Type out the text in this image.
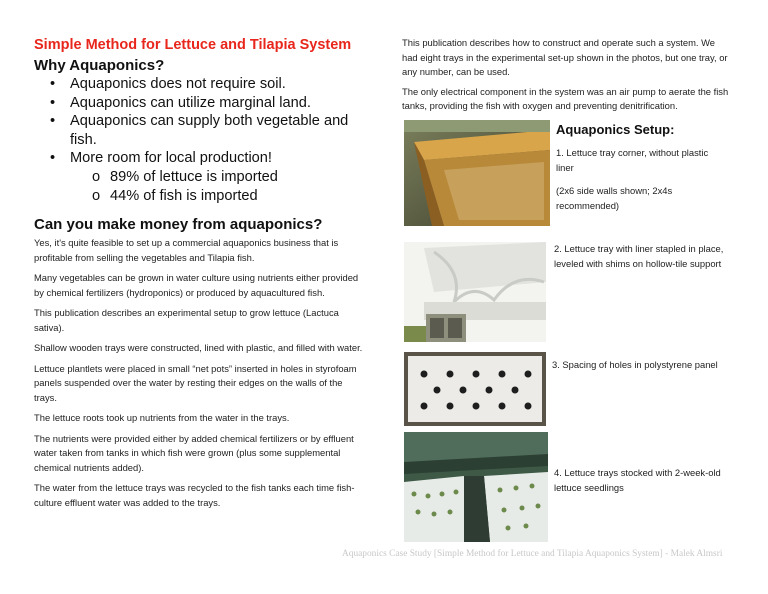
Simple Method for Lettuce and Tilapia System
Why Aquaponics?
• Aquaponics does not require soil.
• Aquaponics can utilize marginal land.
• Aquaponics can supply both vegetable and fish.
• More room for local production!
o 89% of lettuce is imported
o 44% of fish is imported
Can you make money from aquaponics?

Yes, it's quite feasible to set up a commercial aquaponics business that is profitable from selling the vegetables and Tilapia fish.

Many vegetables can be grown in water culture using nutrients either provided by chemical fertilizers (hydroponics) or produced by aquacultured fish.

This publication describes an experimental setup to grow lettuce (Lactuca sativa).

Shallow wooden trays were constructed, lined with plastic, and filled with water.

Lettuce plantlets were placed in small “net pots” inserted in holes in styrofoam panels suspended over the water by resting their edges on the walls of the trays.

The lettuce roots took up nutrients from the water in the trays.

The nutrients were provided either by added chemical fertilizers or by effluent water taken from tanks in which fish were grown (plus some supplemental chemical nutrients added).

The water from the lettuce trays was recycled to the fish tanks each time fish-culture effluent water was added to the trays.

This publication describes how to construct and operate such a system. We had eight trays in the experimental set-up shown in the photos, but one tray, or any number, can be used.

The only electrical component in the system was an air pump to aerate the fish tanks, providing the fish with oxygen and preventing denitrification.

Aquaponics Setup:
1. Lettuce tray corner, without plastic liner
(2x6 side walls shown; 2x4s recommended)
2. Lettuce tray with liner stapled in place, leveled with shims on hollow-tile support
3. Spacing of holes in polystyrene panel
4. Lettuce trays stocked with 2-week-old lettuce seedlings
Aquaponics Case Study [Simple Method for Lettuce and Tilapia Aquaponics System] - Malek Almsri
